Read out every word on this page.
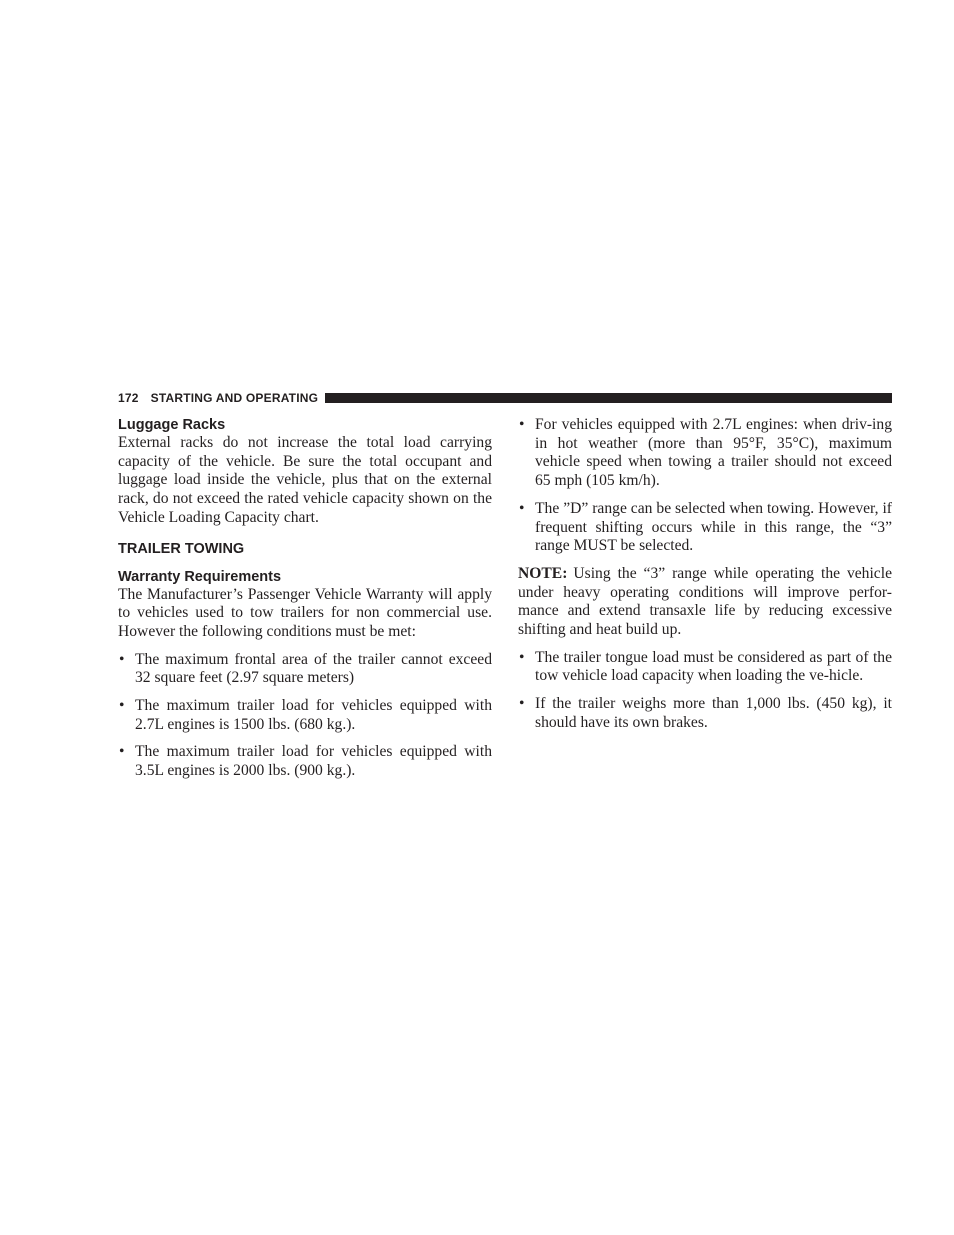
172 STARTING AND OPERATING
Luggage Racks

External racks do not increase the total load carrying capacity of the vehicle. Be sure the total occupant and luggage load inside the vehicle, plus that on the external rack, do not exceed the rated vehicle capacity shown on the Vehicle Loading Capacity chart.

TRAILER TOWING
Warranty Requirements

The Manufacturer’s Passenger Vehicle Warranty will apply to vehicles used to tow trailers for non commercial use. However the following conditions must be met:

• The maximum frontal area of the trailer cannot exceed 32 square feet (2.97 square meters)
• The maximum trailer load for vehicles equipped with 2.7L engines is 1500 lbs. (680 kg.).
• The maximum trailer load for vehicles equipped with 3.5L engines is 2000 lbs. (900 kg.).
• For vehicles equipped with 2.7L engines: when driv-ing in hot weather (more than 95°F, 35°C), maximum vehicle speed when towing a trailer should not exceed 65 mph (105 km/h).
• The ”D” range can be selected when towing. However, if frequent shifting occurs while in this range, the “3” range MUST be selected.

NOTE: Using the “3” range while operating the vehicle under heavy operating conditions will improve perfor-mance and extend transaxle life by reducing excessive shifting and heat build up.

• The trailer tongue load must be considered as part of the tow vehicle load capacity when loading the ve-hicle.
• If the trailer weighs more than 1,000 lbs. (450 kg), it should have its own brakes.
